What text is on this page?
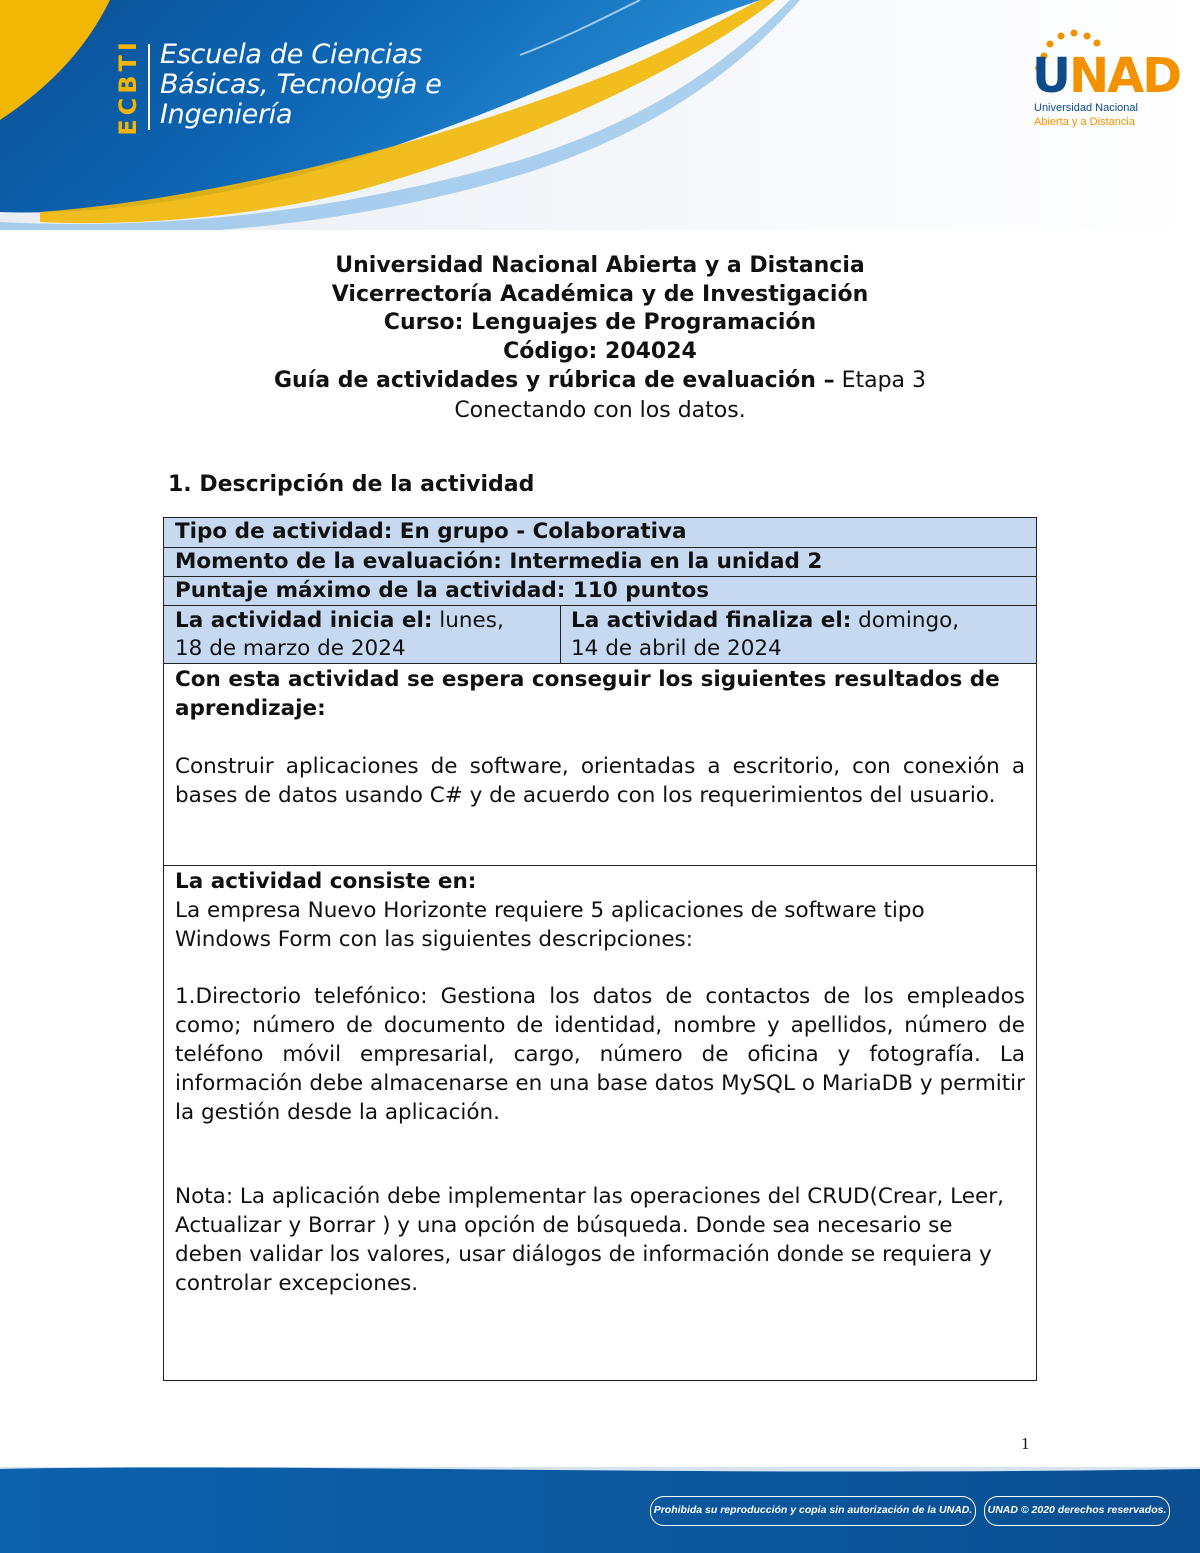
ECBTI Escuela de Ciencias
Básicas, Tecnología e
Ingeniería
UNAD
Universidad Nacional
Abierta y a Distancia
Universidad Nacional Abierta y a Distancia
Vicerrectoría Académica y de Investigación
Curso: Lenguajes de Programación
Código: 204024
Guía de actividades y rúbrica de evaluación – Etapa 3
Conectando con los datos.
1. Descripción de la actividad
Tipo de actividad: En grupo - Colaborativa
Momento de la evaluación: Intermedia en la unidad 2
Puntaje máximo de la actividad: 110 puntos
La actividad inicia el: lunes,
18 de marzo de 2024
La actividad finaliza el: domingo,
14 de abril de 2024
Con esta actividad se espera conseguir los siguientes resultados de aprendizaje:
Construir aplicaciones de software, orientadas a escritorio, con conexión a bases de datos usando C# y de acuerdo con los requerimientos del usuario.
La actividad consiste en:
La empresa Nuevo Horizonte requiere 5 aplicaciones de software tipo Windows Form con las siguientes descripciones:
1.Directorio telefónico: Gestiona los datos de contactos de los empleados como; número de documento de identidad, nombre y apellidos, número de teléfono móvil empresarial, cargo, número de oficina y fotografía. La información debe almacenarse en una base datos MySQL o MariaDB y permitir la gestión desde la aplicación.
Nota: La aplicación debe implementar las operaciones del CRUD(Crear, Leer, Actualizar y Borrar ) y una opción de búsqueda. Donde sea necesario se deben validar los valores, usar diálogos de información donde se requiera y controlar excepciones.
1
Prohibida su reproducción y copia sin autorización de la UNAD.	UNAD © 2020 derechos reservados.
